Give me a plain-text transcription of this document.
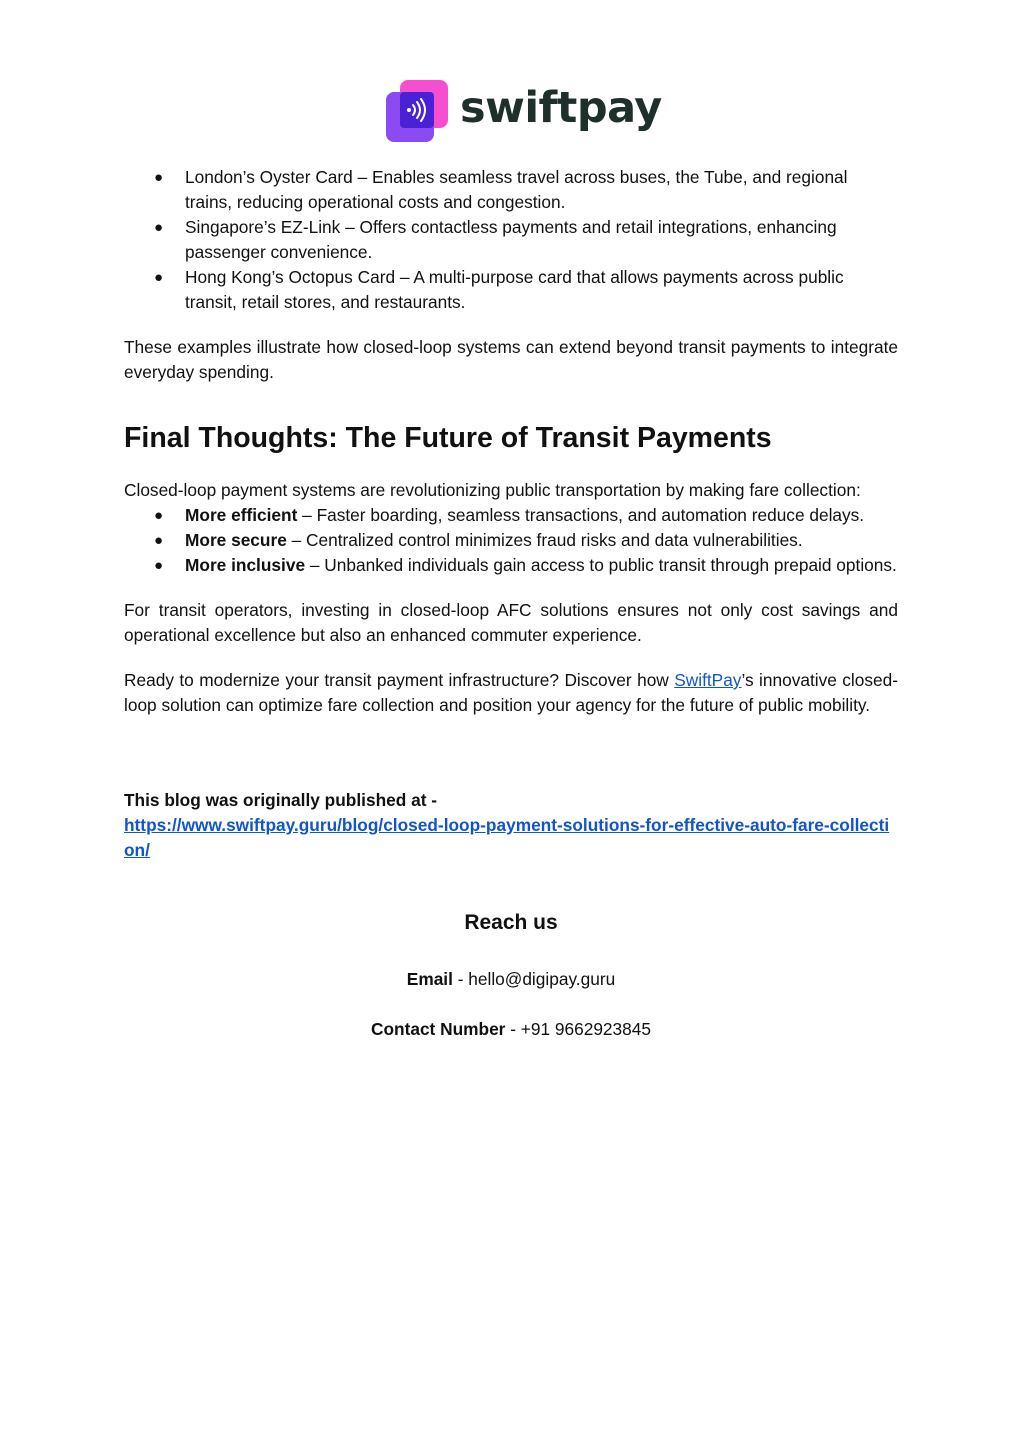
swiftpay
● London’s Oyster Card – Enables seamless travel across buses, the Tube, and regional trains, reducing operational costs and congestion.
● Singapore’s EZ-Link – Offers contactless payments and retail integrations, enhancing passenger convenience.
● Hong Kong’s Octopus Card – A multi-purpose card that allows payments across public transit, retail stores, and restaurants.

These examples illustrate how closed-loop systems can extend beyond transit payments to integrate everyday spending.

Final Thoughts: The Future of Transit Payments

Closed-loop payment systems are revolutionizing public transportation by making fare collection:

● More efficient – Faster boarding, seamless transactions, and automation reduce delays.
● More secure – Centralized control minimizes fraud risks and data vulnerabilities.
● More inclusive – Unbanked individuals gain access to public transit through prepaid options.

For transit operators, investing in closed-loop AFC solutions ensures not only cost savings and operational excellence but also an enhanced commuter experience.

Ready to modernize your transit payment infrastructure? Discover how SwiftPay’s innovative closed-loop solution can optimize fare collection and position your agency for the future of public mobility.

This blog was originally published at -

https://www.swiftpay.guru/blog/closed-loop-payment-solutions-for-effective-auto-fare-collection/

Reach us

Email - hello@digipay.guru

Contact Number - +91 9662923845
